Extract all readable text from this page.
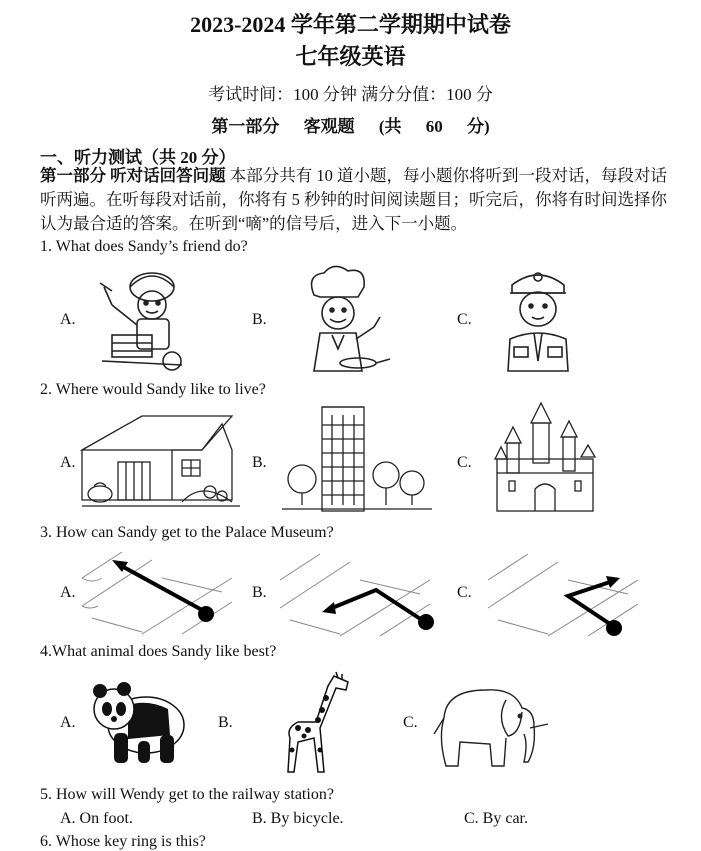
2023-2024 学年第二学期期中试卷
七年级英语
考试时间：100 分钟 满分分值：100 分
第一部分 客观题 (共 60 分)
一、听力测试（共 20 分）
第一部分 听对话回答问题 本部分共有 10 道小题，每小题你将听到一段对话，每段对话听两遍。在听每段对话前，你将有 5 秒钟的时间阅读题目；听完后，你将有时间选择你认为最合适的答案。在听到“嘀”的信号后，进入下一小题。
1. What does Sandy’s friend do?
A.	B.	C.
2. Where would Sandy like to live?
A.	B.	C.
3. How can Sandy get to the Palace Museum?
A.	B.	C.
4.What animal does Sandy like best?
A.	B.	C.
5. How will Wendy get to the railway station?
A. On foot.	B. By bicycle.	C. By car.
6. Whose key ring is this?
